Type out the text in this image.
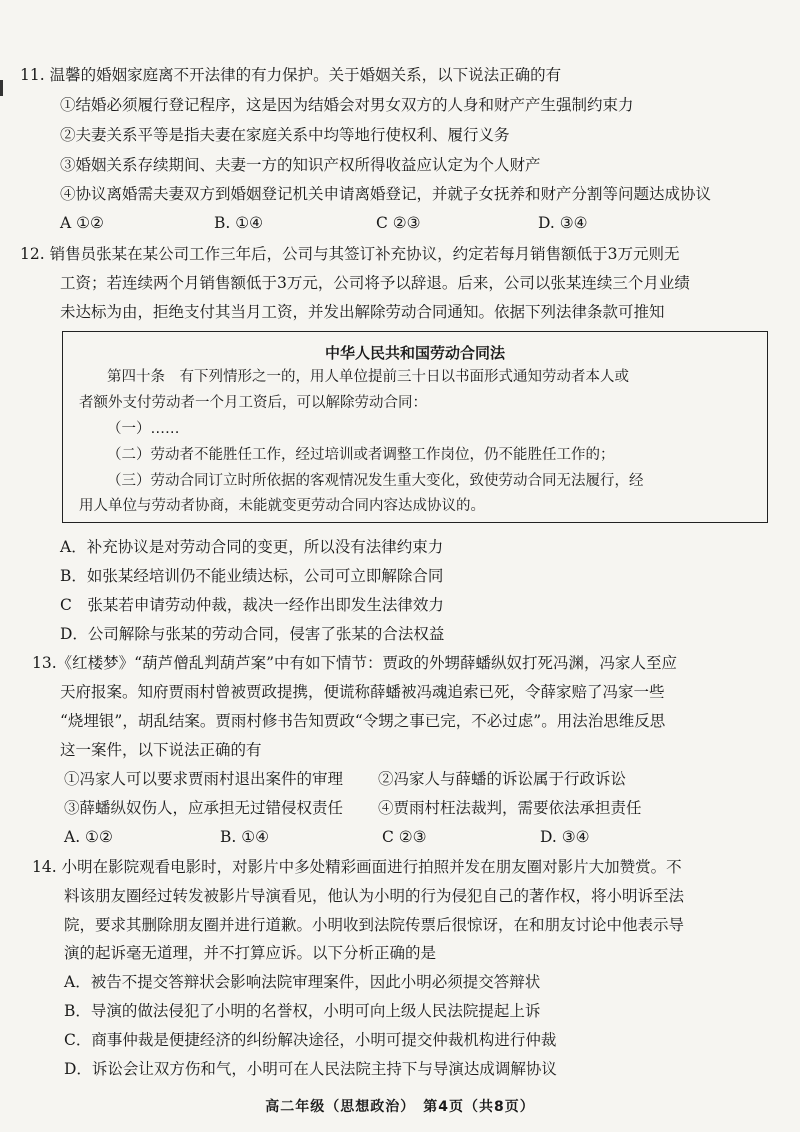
11. 温馨的婚姻家庭离不开法律的有力保护。关于婚姻关系，以下说法正确的有
①结婚必须履行登记程序，这是因为结婚会对男女双方的人身和财产产生强制约束力
②夫妻关系平等是指夫妻在家庭关系中均等地行使权利、履行义务
③婚姻关系存续期间、夫妻一方的知识产权所得收益应认定为个人财产
④协议离婚需夫妻双方到婚姻登记机关申请离婚登记，并就子女抚养和财产分割等问题达成协议
A ①②	B. ①④	C ②③	D. ③④
12. 销售员张某在某公司工作三年后，公司与其签订补充协议，约定若每月销售额低于3万元则无
工资；若连续两个月销售额低于3万元，公司将予以辞退。后来，公司以张某连续三个月业绩
未达标为由，拒绝支付其当月工资，并发出解除劳动合同通知。依据下列法律条款可推知
中华人民共和国劳动合同法
第四十条　有下列情形之一的，用人单位提前三十日以书面形式通知劳动者本人或
者额外支付劳动者一个月工资后，可以解除劳动合同：
（一）……
（二）劳动者不能胜任工作，经过培训或者调整工作岗位，仍不能胜任工作的；
（三）劳动合同订立时所依据的客观情况发生重大变化，致使劳动合同无法履行，经
用人单位与劳动者协商，未能就变更劳动合同内容达成协议的。
A．补充协议是对劳动合同的变更，所以没有法律约束力
B．如张某经培训仍不能业绩达标，公司可立即解除合同
C　张某若申请劳动仲裁，裁决一经作出即发生法律效力
D．公司解除与张某的劳动合同，侵害了张某的合法权益
13.《红楼梦》“葫芦僧乱判葫芦案”中有如下情节：贾政的外甥薛蟠纵奴打死冯渊，冯家人至应
天府报案。知府贾雨村曾被贾政提携，便谎称薛蟠被冯魂追索已死，令薛家赔了冯家一些
“烧埋银”，胡乱结案。贾雨村修书告知贾政“令甥之事已完，不必过虑”。用法治思维反思
这一案件，以下说法正确的有
①冯家人可以要求贾雨村退出案件的审理 ②冯家人与薛蟠的诉讼属于行政诉讼
③薛蟠纵奴伤人，应承担无过错侵权责任 ④贾雨村枉法裁判，需要依法承担责任
A. ①②	B. ①④	C ②③	D. ③④
14. 小明在影院观看电影时，对影片中多处精彩画面进行拍照并发在朋友圈对影片大加赞赏。不
料该朋友圈经过转发被影片导演看见，他认为小明的行为侵犯自己的著作权，将小明诉至法
院，要求其删除朋友圈并进行道歉。小明收到法院传票后很惊讶，在和朋友讨论中他表示导
演的起诉毫无道理，并不打算应诉。以下分析正确的是
A．被告不提交答辩状会影响法院审理案件，因此小明必须提交答辩状
B．导演的做法侵犯了小明的名誉权，小明可向上级人民法院提起上诉
C．商事仲裁是便捷经济的纠纷解决途径，小明可提交仲裁机构进行仲裁
D．诉讼会让双方伤和气，小明可在人民法院主持下与导演达成调解协议
高二年级（思想政治）　第4页（共8页）
